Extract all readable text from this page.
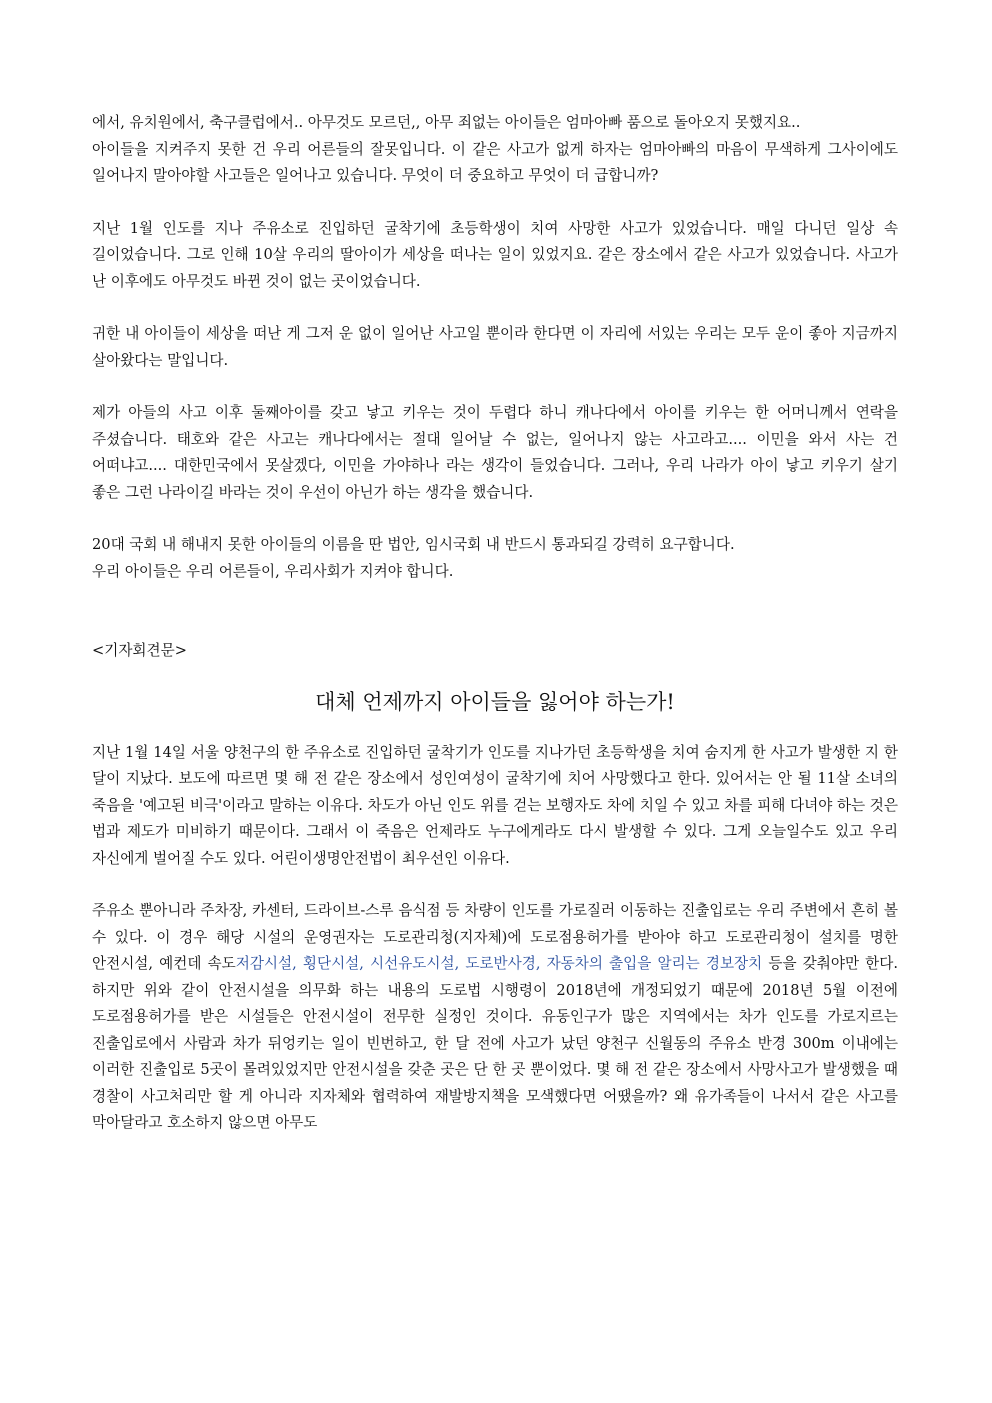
에서, 유치원에서, 축구클럽에서.. 아무것도 모르던,, 아무 죄없는 아이들은 엄마아빠 품으로 돌아오지 못했지요..

아이들을 지켜주지 못한 건 우리 어른들의 잘못입니다. 이 같은 사고가 없게 하자는 엄마아빠의 마음이 무색하게 그사이에도 일어나지 말아야할 사고들은 일어나고 있습니다. 무엇이 더 중요하고 무엇이 더 급합니까?

지난 1월 인도를 지나 주유소로 진입하던 굴착기에 초등학생이 치여 사망한 사고가 있었습니다. 매일 다니던 일상 속 길이었습니다. 그로 인해 10살 우리의 딸아이가 세상을 떠나는 일이 있었지요. 같은 장소에서 같은 사고가 있었습니다. 사고가 난 이후에도 아무것도 바뀐 것이 없는 곳이었습니다.

귀한 내 아이들이 세상을 떠난 게 그저 운 없이 일어난 사고일 뿐이라 한다면 이 자리에 서있는 우리는 모두 운이 좋아 지금까지 살아왔다는 말입니다.

제가 아들의 사고 이후 둘째아이를 갖고 낳고 키우는 것이 두렵다 하니 캐나다에서 아이를 키우는 한 어머니께서 연락을 주셨습니다. 태호와 같은 사고는 캐나다에서는 절대 일어날 수 없는, 일어나지 않는 사고라고.... 이민을 와서 사는 건 어떠냐고.... 대한민국에서 못살겠다, 이민을 가야하나 라는 생각이 들었습니다. 그러나, 우리 나라가 아이 낳고 키우기 살기 좋은 그런 나라이길 바라는 것이 우선이 아닌가 하는 생각을 했습니다.

20대 국회 내 해내지 못한 아이들의 이름을 딴 법안, 임시국회 내 반드시 통과되길 강력히 요구합니다.

우리 아이들은 우리 어른들이, 우리사회가 지켜야 합니다.

<기자회견문>

대체 언제까지 아이들을 잃어야 하는가!

지난 1월 14일 서울 양천구의 한 주유소로 진입하던 굴착기가 인도를 지나가던 초등학생을 치여 숨지게 한 사고가 발생한 지 한 달이 지났다. 보도에 따르면 몇 해 전 같은 장소에서 성인여성이 굴착기에 치어 사망했다고 한다. 있어서는 안 될 11살 소녀의 죽음을 '예고된 비극'이라고 말하는 이유다. 차도가 아닌 인도 위를 걷는 보행자도 차에 치일 수 있고 차를 피해 다녀야 하는 것은 법과 제도가 미비하기 때문이다. 그래서 이 죽음은 언제라도 누구에게라도 다시 발생할 수 있다. 그게 오늘일수도 있고 우리 자신에게 벌어질 수도 있다. 어린이생명안전법이 최우선인 이유다.

주유소 뿐아니라 주차장, 카센터, 드라이브-스루 음식점 등 차량이 인도를 가로질러 이동하는 진출입로는 우리 주변에서 흔히 볼 수 있다. 이 경우 해당 시설의 운영권자는 도로관리청(지자체)에 도로점용허가를 받아야 하고 도로관리청이 설치를 명한 안전시설, 예컨데 속도저감시설, 횡단시설, 시선유도시설, 도로반사경, 자동차의 출입을 알리는 경보장치 등을 갖춰야만 한다. 하지만 위와 같이 안전시설을 의무화 하는 내용의 도로법 시행령이 2018년에 개정되었기 때문에 2018년 5월 이전에 도로점용허가를 받은 시설들은 안전시설이 전무한 실정인 것이다. 유동인구가 많은 지역에서는 차가 인도를 가로지르는 진출입로에서 사람과 차가 뒤엉키는 일이 빈번하고, 한 달 전에 사고가 났던 양천구 신월동의 주유소 반경 300m 이내에는 이러한 진출입로 5곳이 몰려있었지만 안전시설을 갖춘 곳은 단 한 곳 뿐이었다. 몇 해 전 같은 장소에서 사망사고가 발생했을 때 경찰이 사고처리만 할 게 아니라 지자체와 협력하여 재발방지책을 모색했다면 어땠을까? 왜 유가족들이 나서서 같은 사고를 막아달라고 호소하지 않으면 아무도
